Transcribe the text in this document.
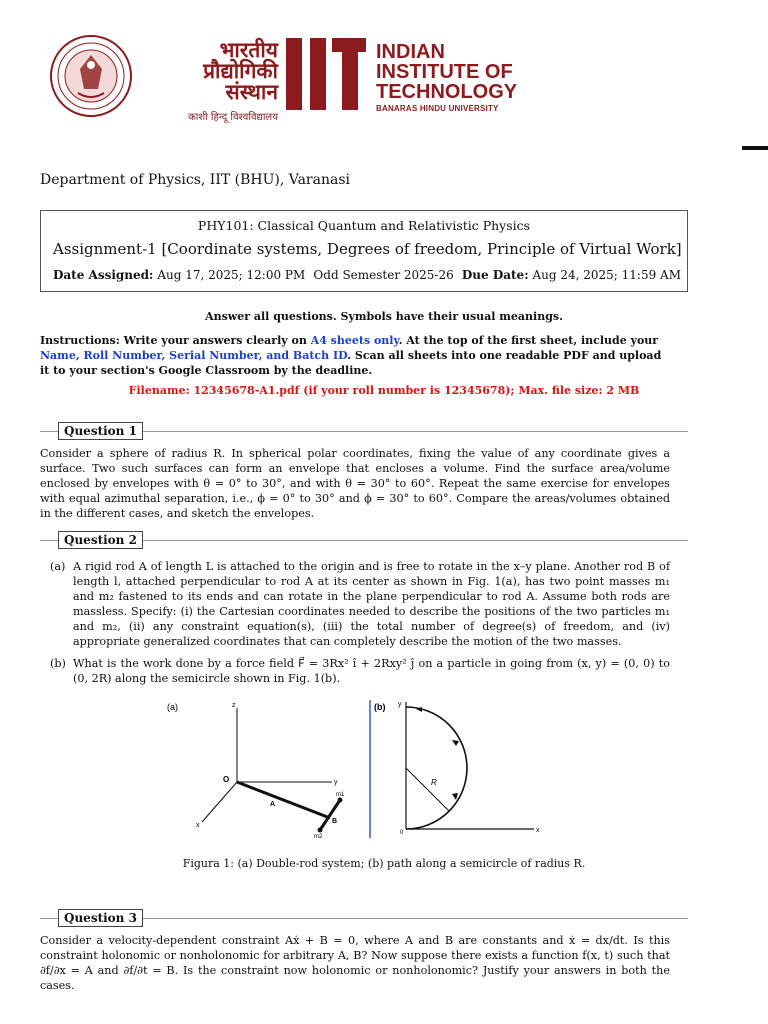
भारतीय
प्रौद्योगिकी
संस्थान
काशी हिन्दू विश्वविद्यालय
INDIAN
INSTITUTE OF
TECHNOLOGY
BANARAS HINDU UNIVERSITY
Department of Physics, IIT (BHU), Varanasi
PHY101: Classical Quantum and Relativistic Physics
Assignment-1 [Coordinate systems, Degrees of freedom, Principle of Virtual Work]
Date Assigned: Aug 17, 2025; 12:00 PM Odd Semester 2025-26 Due Date: Aug 24, 2025; 11:59 AM
Answer all questions. Symbols have their usual meanings.
Instructions: Write your answers clearly on A4 sheets only. At the top of the first sheet, include your Name, Roll Number, Serial Number, and Batch ID. Scan all sheets into one readable PDF and upload it to your section's Google Classroom by the deadline.
Filename: 12345678-A1.pdf (if your roll number is 12345678); Max. file size: 2 MB
Question 1
Consider a sphere of radius R. In spherical polar coordinates, fixing the value of any coordinate gives a surface. Two such surfaces can form an envelope that encloses a volume. Find the surface area/volume enclosed by envelopes with θ = 0° to 30°, and with θ = 30° to 60°. Repeat the same exercise for envelopes with equal azimuthal separation, i.e., ϕ = 0° to 30° and ϕ = 30° to 60°. Compare the areas/volumes obtained in the different cases, and sketch the envelopes.
Question 2
(a) A rigid rod A of length L is attached to the origin and is free to rotate in the x–y plane. Another rod B of length l, attached perpendicular to rod A at its center as shown in Fig. 1(a), has two point masses m₁ and m₂ fastened to its ends and can rotate in the plane perpendicular to rod A. Assume both rods are massless. Specify: (i) the Cartesian coordinates needed to describe the positions of the two particles m₁ and m₂, (ii) any constraint equation(s), (iii) the total number of degree(s) of freedom, and (iv) appropriate generalized coordinates that can completely describe the motion of the two masses.
(b) What is the work done by a force field F⃗ = 3Rx² î + 2Rxy² ĵ on a particle in going from (x, y) = (0, 0) to (0, 2R) along the semicircle shown in Fig. 1(b).
(a)	z
y
x
O
A
m1
m2
B
(b) y
x
0
R
Figura 1: (a) Double-rod system; (b) path along a semicircle of radius R.
Question 3
Consider a velocity-dependent constraint Aẋ + B = 0, where A and B are constants and ẋ = dx/dt. Is this constraint holonomic or nonholonomic for arbitrary A, B? Now suppose there exists a function f(x, t) such that ∂f/∂x = A and ∂f/∂t = B. Is the constraint now holonomic or nonholonomic? Justify your answers in both the cases.
